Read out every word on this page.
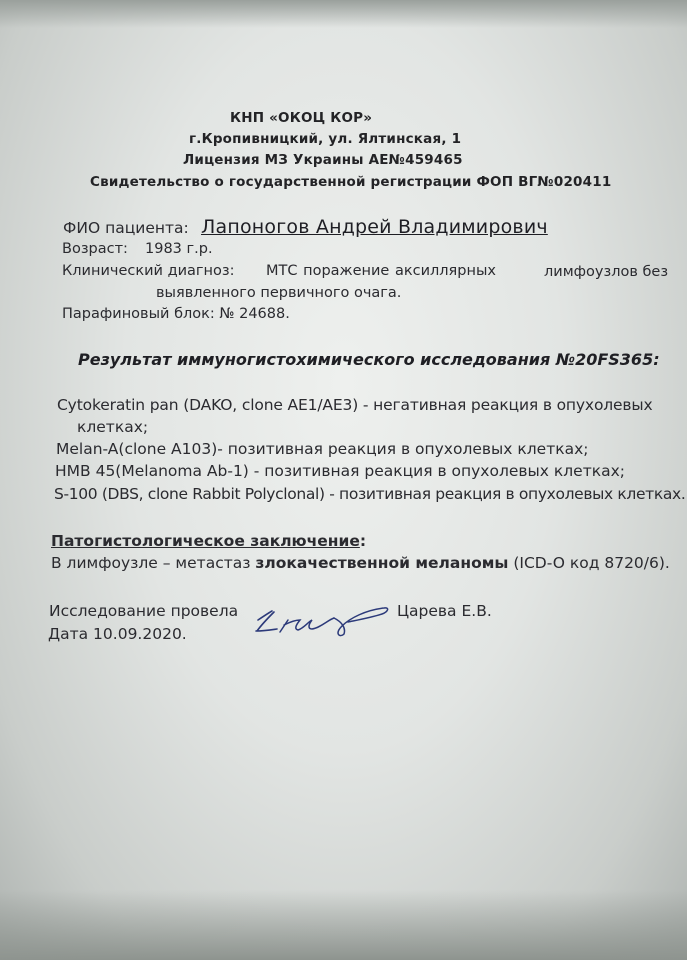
КНП «ОКОЦ КОР»
г.Кропивницкий, ул. Ялтинская, 1
Лицензия МЗ Украины АЕ№459465
Свидетельство о государственной регистрации ФОП ВГ№020411
ФИО пациента: Лапоногов Андрей Владимирович
Возраст: 1983 г.р.
Клинический диагноз: МТС поражение аксиллярных	лимфоузлов без
выявленного первичного очага.
Парафиновый блок: № 24688.
Результат иммуногистохимического исследования №20FS365:
Cytokeratin pan (DAKO, clone AE1/AE3) - негативная реакция в опухолевых
клетках;
Melan-A(clone A103)- позитивная реакция в опухолевых клетках;
HMB 45(Melanoma Ab-1) - позитивная реакция в опухолевых клетках;
S-100 (DBS, clone Rabbit Polyclonal) - позитивная реакция в опухолевых клетках.
Патогистологическое заключение:
В лимфоузле – метастаз злокачественной меланомы (ICD-O код 8720/6).
Исследование провела	Царева Е.В.
Дата 10.09.2020.
